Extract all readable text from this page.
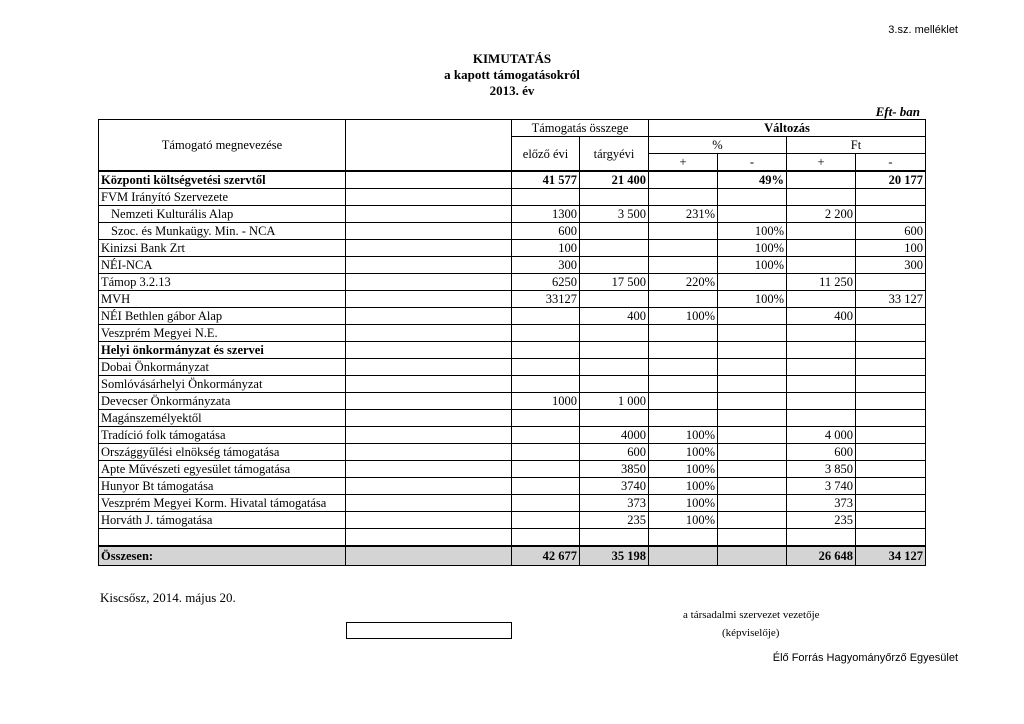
3.sz. melléklet
KIMUTATÁS
a kapott támogatásokról
2013. év
Eft- ban
Támogató megnevezése		Támogatás összege		Változás			
		előző évi	tárgyévi	%		Ft	
				+	-	+	-
Központi költségvetési szervtől		41 577	21 400		49%		20 177
FVM Irányító Szervezete							
Nemzeti Kulturális Alap		1300	3 500	231%		2 200	
Szoc. és Munkaügy. Min. - NCA		600			100%		600
Kinizsi Bank Zrt		100			100%		100
NÉI-NCA		300			100%		300
Támop 3.2.13		6250	17 500	220%		11 250	
MVH		33127			100%		33 127
NÉI Bethlen gábor Alap			400	100%		400	
Veszprém Megyei N.E.							
Helyi önkormányzat és szervei							
Dobai Önkormányzat							
Somlóvásárhelyi Önkormányzat							
Devecser Önkormányzata		1000	1 000				
Magánszemélyektől							
Tradíció folk támogatása			4000	100%		4 000	
Országgyűlési elnökség támogatása			600	100%		600	
Apte Művészeti egyesület támogatása			3850	100%		3 850	
Hunyor Bt támogatása			3740	100%		3 740	
Veszprém Megyei Korm. Hivatal támogatása			373	100%		373	
Horváth J. támogatása			235	100%		235	

Összesen:		42 677	35 198			26 648	34 127
Kiscsősz, 2014. május 20.
a társadalmi szervezet vezetője
(képviselője)
Élő Forrás Hagyományőrző Egyesület
